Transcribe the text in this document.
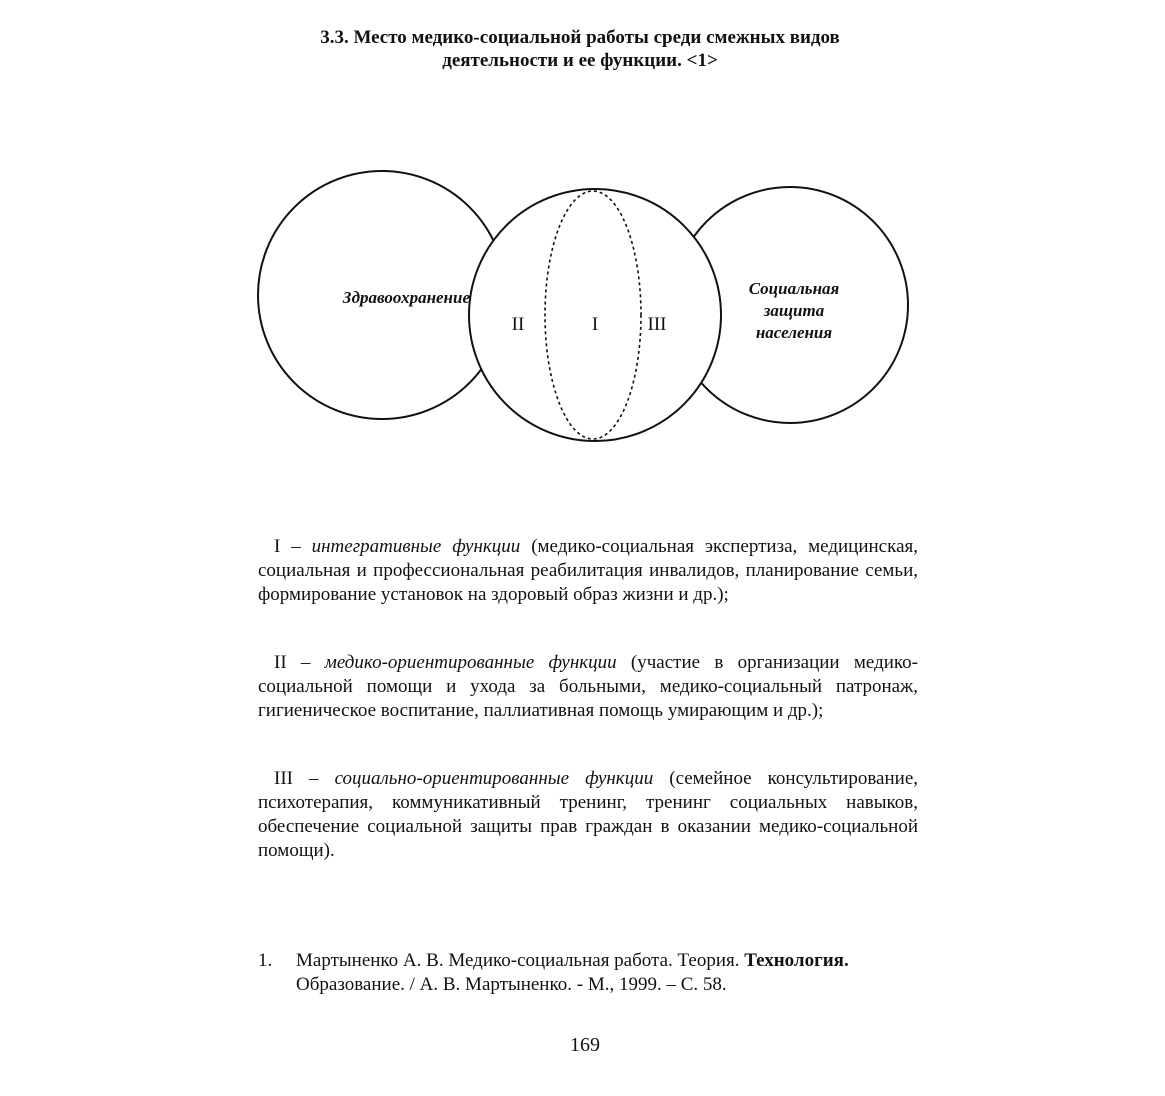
3.3. Место медико-социальной работы среди смежных видов
деятельности и ее функции. <1>
Здравоохранение	Социальная
защита
населения
II	I	III

I – интегративные функции (медико-социальная экспертиза, медицинская, социальная и профессиональная реабилитация инвалидов, планирование семьи, формирование установок на здоровый образ жизни и др.);

II – медико-ориентированные функции (участие в организации медико-социальной помощи и ухода за больными, медико-социальный патронаж, гигиеническое воспитание, паллиативная помощь умирающим и др.);

III – социально-ориентированные функции (семейное консультирование, психотерапия, коммуникативный тренинг, тренинг социальных навыков, обеспечение социальной защиты прав граждан в оказании медико-социальной помощи).

1. Мартыненко А. В. Медико-социальная работа. Теория. Технология. Образование. / А. В. Мартыненко. - М., 1999. – С. 58.
169
